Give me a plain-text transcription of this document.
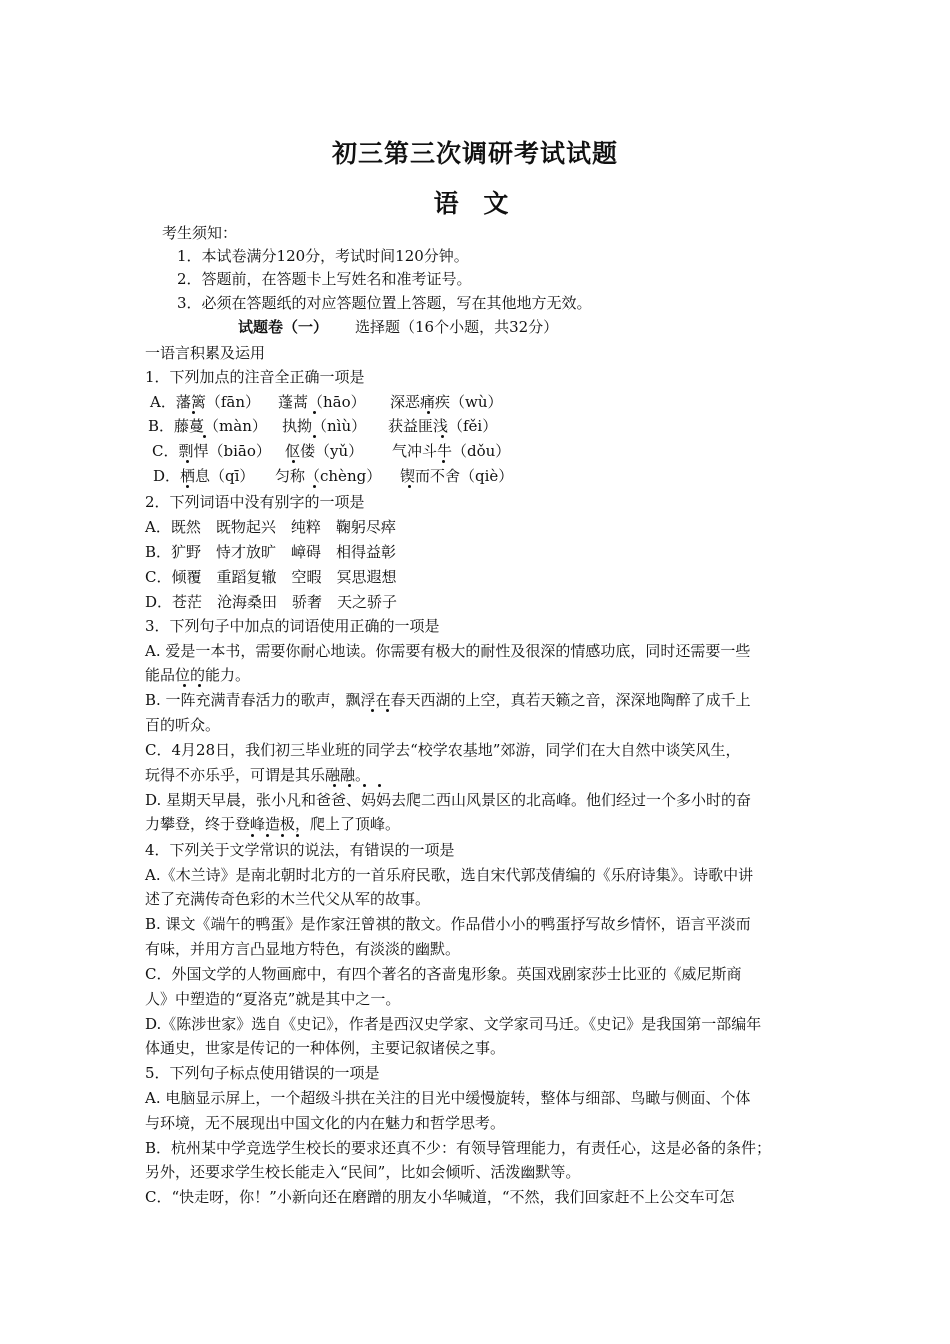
初三第三次调研考试试题
语 文
考生须知：
1．本试卷满分120分，考试时间120分钟。
2．答题前，在答题卡上写姓名和准考证号。
3．必须在答题纸的对应答题位置上答题，写在其他地方无效。
试题卷（一） 选择题（16个小题，共32分）
一语言积累及运用
1．下列加点的注音全正确一项是
A．藩篱（fān） 蓬蒿（hāo） 深恶痛疾（wù）
B．藤蔓（màn） 执拗（nìù） 获益匪浅（fěi）
C．剽悍（biāo） 伛偻（yǔ） 气冲斗牛（dǒu）
D．栖息（qī） 匀称（chèng） 锲而不舍（qiè）
2．下列词语中没有别字的一项是
A．既然　既物起兴　纯粹　鞠躬尽瘁
B．犷野　恃才放旷　嶂碍　相得益彰
C．倾覆　重蹈复辙　空暇　冥思遐想
D．苍茫　沧海桑田　骄奢　天之骄子
3．下列句子中加点的词语使用正确的一项是
A. 爱是一本书，需要你耐心地读。你需要有极大的耐性及很深的情感功底，同时还需要一些
能品位的能力。
B. 一阵充满青春活力的歌声，飘浮在春天西湖的上空，真若天籁之音，深深地陶醉了成千上
百的听众。
C．4月28日，我们初三毕业班的同学去“校学农基地”郊游，同学们在大自然中谈笑风生，
玩得不亦乐乎，可谓是其乐融融。
D. 星期天早晨，张小凡和爸爸、妈妈去爬二西山风景区的北高峰。他们经过一个多小时的奋
力攀登，终于登峰造极，爬上了顶峰。
4．下列关于文学常识的说法，有错误的一项是
A.《木兰诗》是南北朝时北方的一首乐府民歌，选自宋代郭茂倩编的《乐府诗集》。诗歌中讲
述了充满传奇色彩的木兰代父从军的故事。
B. 课文《端午的鸭蛋》是作家汪曾祺的散文。作品借小小的鸭蛋抒写故乡情怀，语言平淡而
有味，并用方言凸显地方特色，有淡淡的幽默。
C．外国文学的人物画廊中，有四个著名的吝啬鬼形象。英国戏剧家莎士比亚的《威尼斯商
人》中塑造的“夏洛克”就是其中之一。
D.《陈涉世家》选自《史记》，作者是西汉史学家、文学家司马迁。《史记》是我国第一部编年
体通史，世家是传记的一种体例，主要记叙诸侯之事。
5．下列句子标点使用错误的一项是
A. 电脑显示屏上，一个超级斗拱在关注的目光中缓慢旋转，整体与细部、鸟瞰与侧面、个体
与环境，无不展现出中国文化的内在魅力和哲学思考。
B．杭州某中学竞选学生校长的要求还真不少：有领导管理能力，有责任心，这是必备的条件；
另外，还要求学生校长能走入“民间”，比如会倾听、活泼幽默等。
C．“快走呀，你！”小新向还在磨蹭的朋友小华喊道，“不然，我们回家赶不上公交车可怎
